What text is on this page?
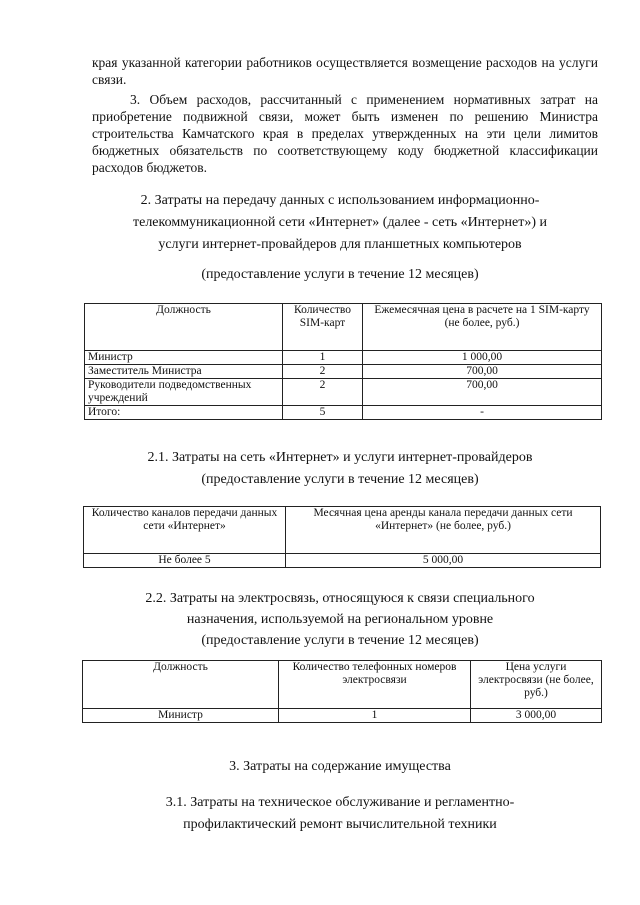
края указанной категории работников осуществляется возмещение расходов на услуги связи.

3. Объем расходов, рассчитанный с применением нормативных затрат на приобретение подвижной связи, может быть изменен по решению Министра строительства Камчатского края в пределах утвержденных на эти цели лимитов бюджетных обязательств по соответствующему коду бюджетной классификации расходов бюджетов.

2. Затраты на передачу данных с использованием информационно-

телекоммуникационной сети «Интернет» (далее - сеть «Интернет») и

услуги интернет-провайдеров для планшетных компьютеров

(предоставление услуги в течение 12 месяцев)

Должность	Количество SIM-карт	Ежемесячная цена в расчете на 1 SIM-карту (не более, руб.)
Министр	1	1 000,00
Заместитель Министра	2	700,00
Руководители подведомственных учреждений	2	700,00
Итого:	5	-

2.1. Затраты на сеть «Интернет» и услуги интернет-провайдеров

(предоставление услуги в течение 12 месяцев)

Количество каналов передачи данных сети «Интернет»	Месячная цена аренды канала передачи данных сети «Интернет» (не более, руб.)
Не более 5	5 000,00

2.2. Затраты на электросвязь, относящуюся к связи специального

назначения, используемой на региональном уровне

(предоставление услуги в течение 12 месяцев)

Должность	Количество телефонных номеров электросвязи	Цена услуги электросвязи (не более, руб.)
Министр	1	3 000,00

3. Затраты на содержание имущества

3.1. Затраты на техническое обслуживание и регламентно-

профилактический ремонт вычислительной техники
